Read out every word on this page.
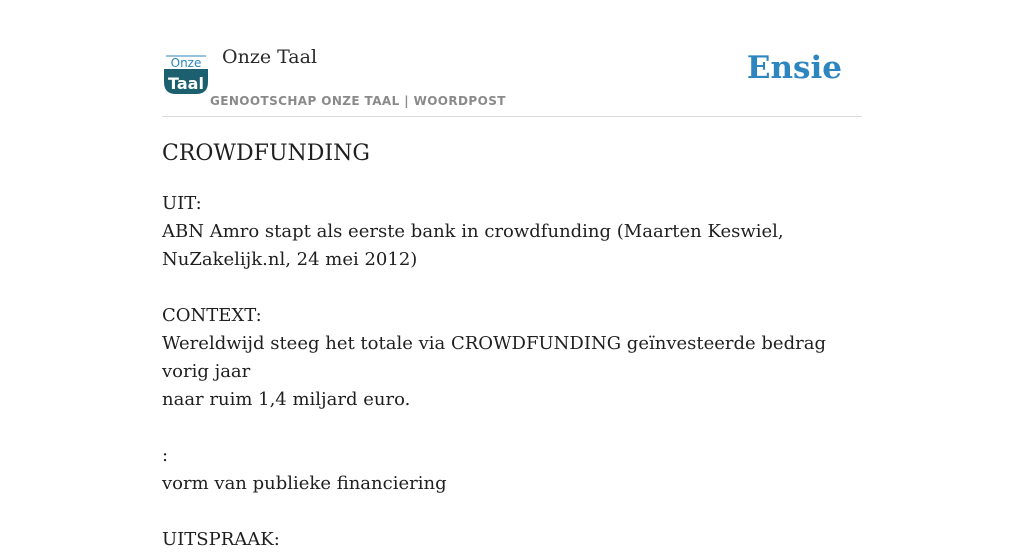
Onze
Taal
Onze Taal
GENOOTSCHAP ONZE TAAL | WOORDPOST
Ensie
CROWDFUNDING

UIT:

ABN Amro stapt als eerste bank in crowdfunding (Maarten Keswiel,

NuZakelijk.nl, 24 mei 2012)

CONTEXT:

Wereldwijd steeg het totale via CROWDFUNDING geïnvesteerde bedrag vorig jaar

naar ruim 1,4 miljard euro.

:

vorm van publieke financiering

UITSPRAAK:
